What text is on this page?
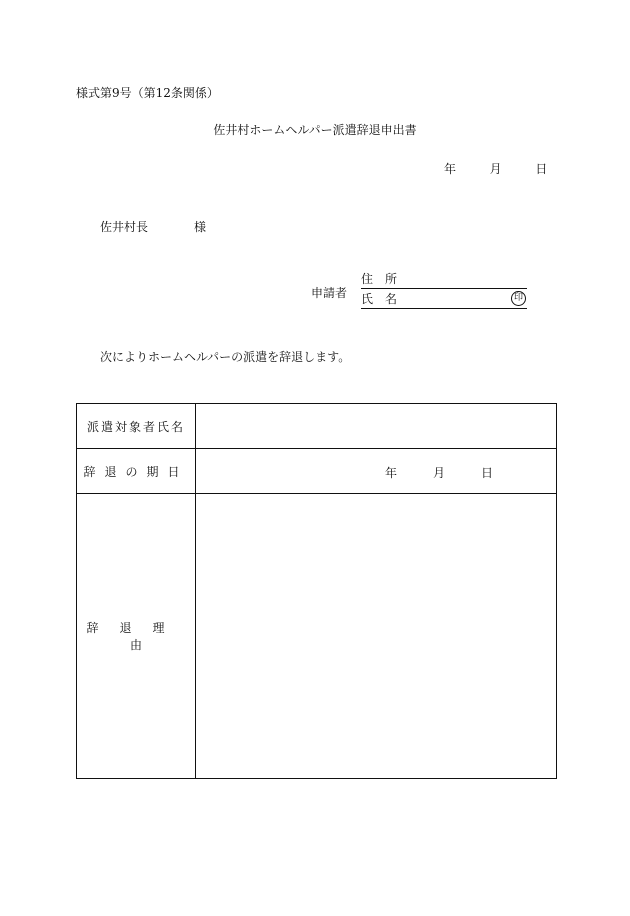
様式第9号（第12条関係）
佐井村ホームヘルパー派遣辞退申出書
年	月	日
佐井村長	様
申請者
住　所
氏　名	印
次によりホームヘルパーの派遣を辞退します。
派遣対象者氏名	
辞退の期日	年 月 日

辞退理由	
